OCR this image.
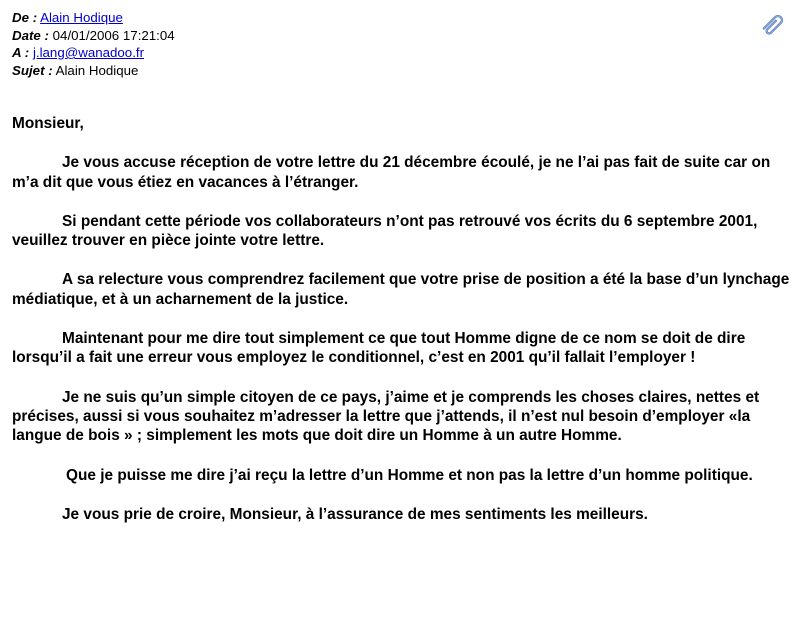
De : Alain Hodique
Date : 04/01/2006 17:21:04
A : j.lang@wanadoo.fr
Sujet : Alain Hodique

Monsieur,

Je vous accuse réception de votre lettre du 21 décembre écoulé, je ne l’ai pas fait de suite car on m’a dit que vous étiez en vacances à l’étranger.

Si pendant cette période vos collaborateurs n’ont pas retrouvé vos écrits du 6 septembre 2001, veuillez trouver en pièce jointe votre lettre.

A sa relecture vous comprendrez facilement que votre prise de position a été la base d’un lynchage médiatique, et à un acharnement de la justice.

Maintenant pour me dire tout simplement ce que tout Homme digne de ce nom se doit de dire lorsqu’il a fait une erreur vous employez le conditionnel, c’est en 2001 qu’il fallait l’employer !

Je ne suis qu’un simple citoyen de ce pays, j’aime et je comprends les choses claires, nettes et précises, aussi si vous souhaitez m’adresser la lettre que j’attends, il n’est nul besoin d’employer «la langue de bois » ; simplement les mots que doit dire un Homme à un autre Homme.

Que je puisse me dire j’ai reçu la lettre d’un Homme et non pas la lettre d’un homme politique.

Je vous prie de croire, Monsieur, à l’assurance de mes sentiments les meilleurs.
